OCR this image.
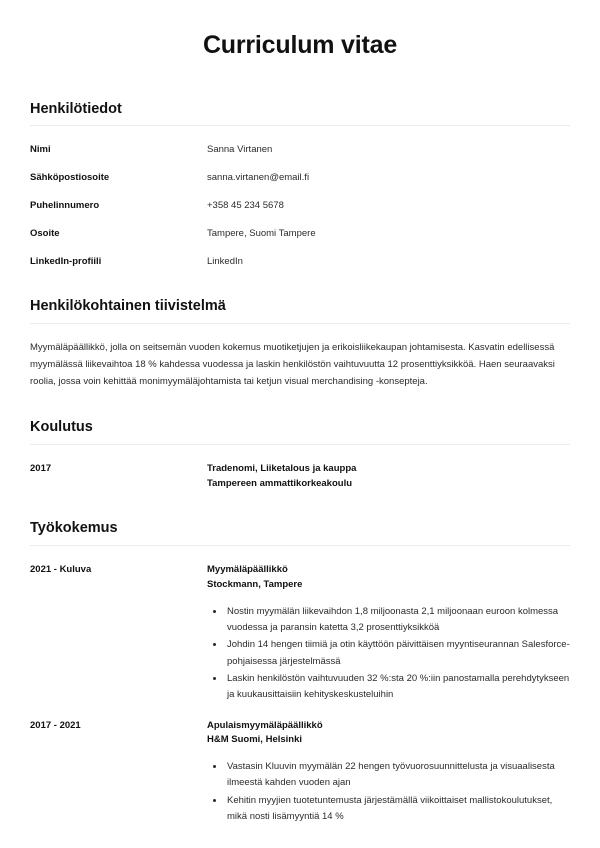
Curriculum vitae
Henkilötiedot
Nimi	Sanna Virtanen
Sähköpostiosoite	sanna.virtanen@email.fi
Puhelinnumero	+358 45 234 5678
Osoite	Tampere, Suomi Tampere
LinkedIn-profiili	LinkedIn
Henkilökohtainen tiivistelmä

Myymäläpäällikkö, jolla on seitsemän vuoden kokemus muotiketjujen ja erikoisliikekaupan johtamisesta. Kasvatin edellisessä myymälässä liikevaihtoa 18 % kahdessa vuodessa ja laskin henkilöstön vaihtuvuutta 12 prosenttiyksikköä. Haen seuraavaksi roolia, jossa voin kehittää monimyymäläjohtamista tai ketjun visual merchandising -konsepteja.

Koulutus
2017	Tradenomi, Liiketalous ja kauppa
Tampereen ammattikorkeakoulu
Työkokemus
2021 - Kuluva	Myymäläpäällikkö
Stockmann, Tampere
• Nostin myymälän liikevaihdon 1,8 miljoonasta 2,1 miljoonaan euroon kolmessa vuodessa ja paransin katetta 3,2 prosenttiyksikköä
• Johdin 14 hengen tiimiä ja otin käyttöön päivittäisen myyntiseurannan Salesforce-pohjaisessa järjestelmässä
• Laskin henkilöstön vaihtuvuuden 32 %:sta 20 %:iin panostamalla perehdytykseen ja kuukausittaisiin kehityskeskusteluihin
2017 - 2021	Apulaismyymäläpäällikkö
H&M Suomi, Helsinki
• Vastasin Kluuvin myymälän 22 hengen työvuorosuunnittelusta ja visuaalisesta ilmeestä kahden vuoden ajan
• Kehitin myyjien tuotetuntemusta järjestämällä viikoittaiset mallistokoulutukset, mikä nosti lisämyyntiä 14 %
